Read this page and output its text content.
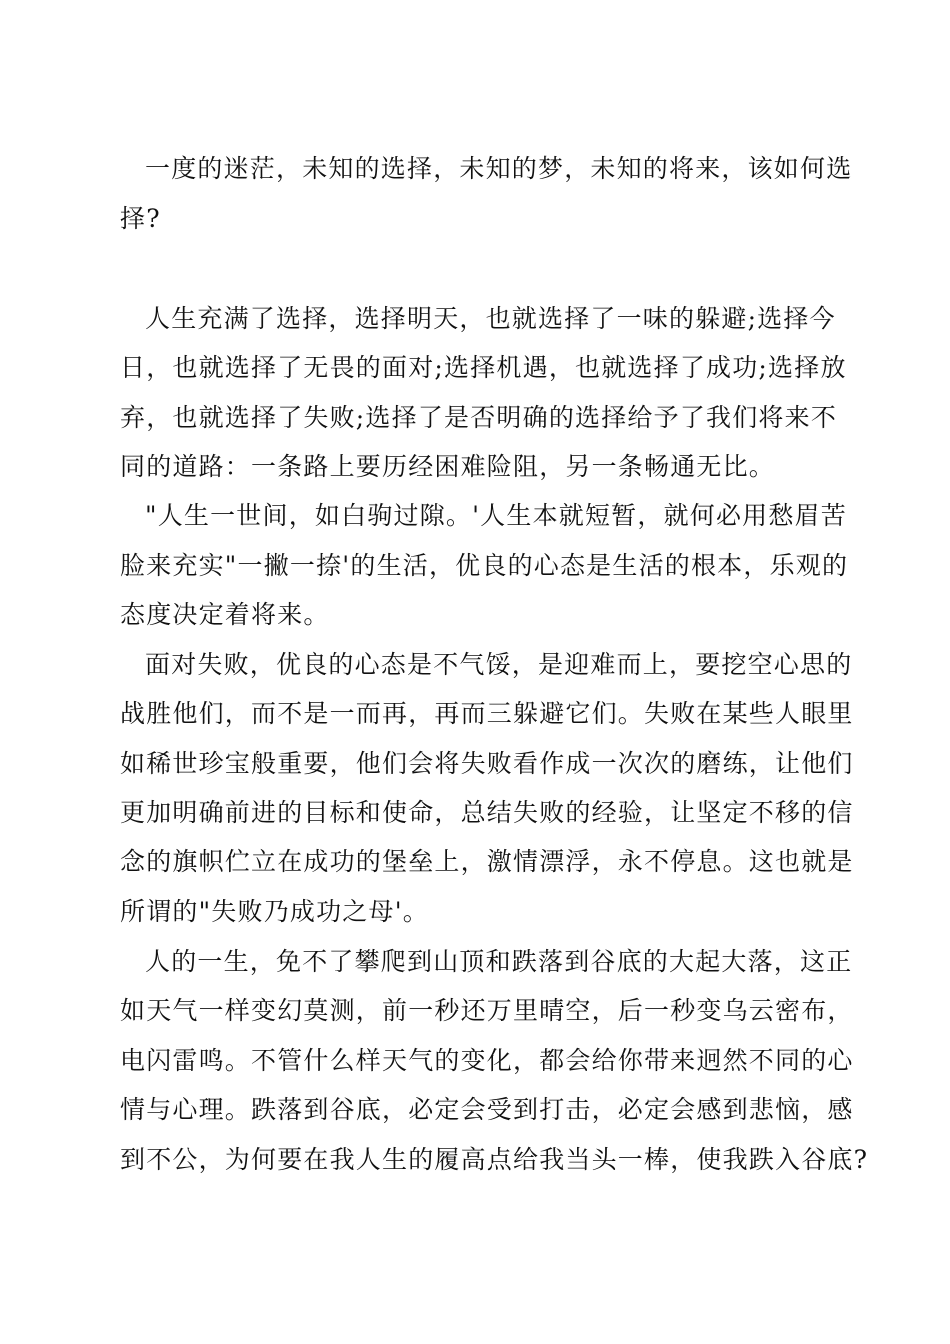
一度的迷茫，未知的选择，未知的梦，未知的将来，该如何选
择?
人生充满了选择，选择明天，也就选择了一味的躲避;选择今
日，也就选择了无畏的面对;选择机遇，也就选择了成功;选择放
弃，也就选择了失败;选择了是否明确的选择给予了我们将来不
同的道路：一条路上要历经困难险阻，另一条畅通无比。
"人生一世间，如白驹过隙。'人生本就短暂，就何必用愁眉苦
脸来充实"一撇一捺'的生活，优良的心态是生活的根本，乐观的
态度决定着将来。
面对失败，优良的心态是不气馁，是迎难而上，要挖空心思的
战胜他们，而不是一而再，再而三躲避它们。失败在某些人眼里
如稀世珍宝般重要，他们会将失败看作成一次次的磨练，让他们
更加明确前进的目标和使命，总结失败的经验，让坚定不移的信
念的旗帜伫立在成功的堡垒上，激情漂浮，永不停息。这也就是
所谓的"失败乃成功之母'。
人的一生，免不了攀爬到山顶和跌落到谷底的大起大落，这正
如天气一样变幻莫测，前一秒还万里晴空，后一秒变乌云密布，
电闪雷鸣。不管什么样天气的变化，都会给你带来迥然不同的心
情与心理。跌落到谷底，必定会受到打击，必定会感到悲恼，感
到不公，为何要在我人生的履高点给我当头一棒，使我跌入谷底?
